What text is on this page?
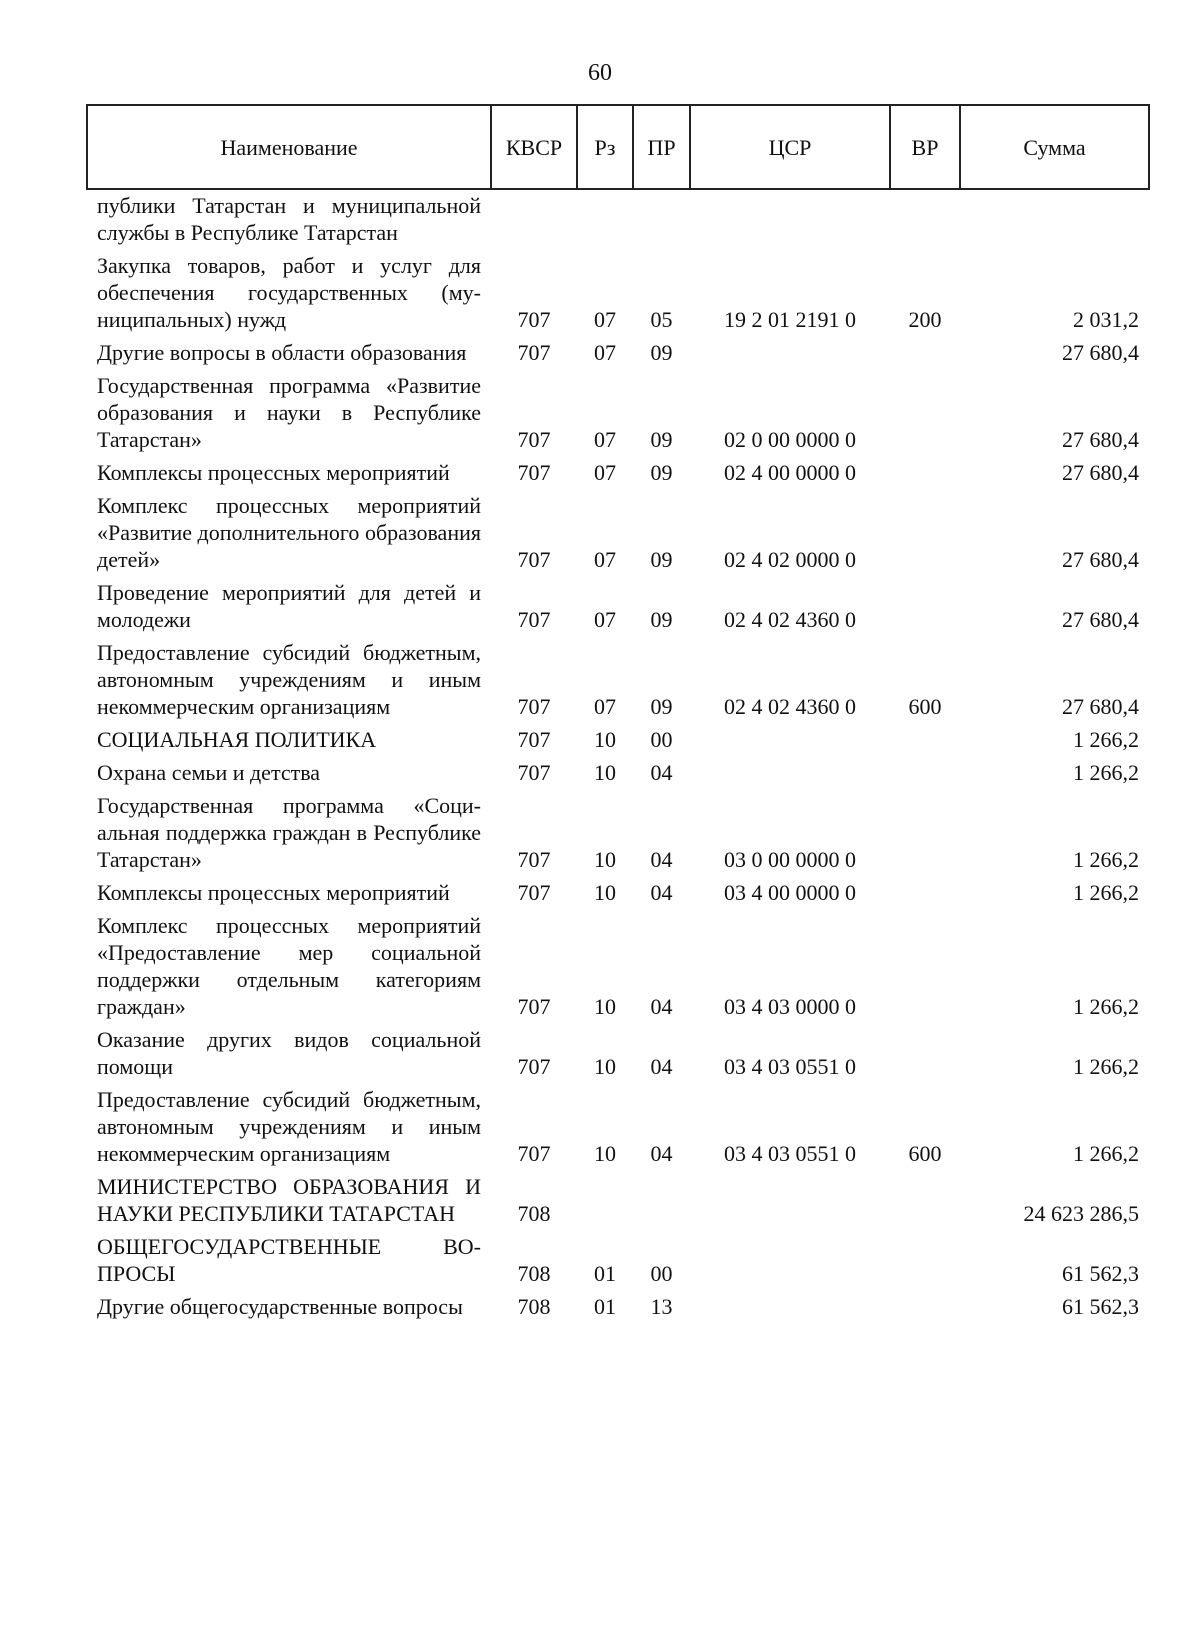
60
Наименование	КВСР	Рз	ПР	ЦСР	ВР	Сумма
публики Татарстан и муниципальной службы в Республике Татарстан						
Закупка товаров, работ и услуг для обеспечения государственных (муниципальных) нужд	707	07	05	19 2 01 2191 0	200	2 031,2
Другие вопросы в области образования	707	07	09			27 680,4
Государственная программа «Развитие образования и науки в Республике Татарстан»	707	07	09	02 0 00 0000 0		27 680,4
Комплексы процессных мероприятий	707	07	09	02 4 00 0000 0		27 680,4
Комплекс процессных мероприятий «Развитие дополнительного образования детей»	707	07	09	02 4 02 0000 0		27 680,4
Проведение мероприятий для детей и молодежи	707	07	09	02 4 02 4360 0		27 680,4
Предоставление субсидий бюджетным, автономным учреждениям и иным некоммерческим организациям	707	07	09	02 4 02 4360 0	600	27 680,4
СОЦИАЛЬНАЯ ПОЛИТИКА	707	10	00			1 266,2
Охрана семьи и детства	707	10	04			1 266,2
Государственная программа «Социальная поддержка граждан в Республике Татарстан»	707	10	04	03 0 00 0000 0		1 266,2
Комплексы процессных мероприятий	707	10	04	03 4 00 0000 0		1 266,2
Комплекс процессных мероприятий «Предоставление мер социальной поддержки отдельным категориям граждан»	707	10	04	03 4 03 0000 0		1 266,2
Оказание других видов социальной помощи	707	10	04	03 4 03 0551 0		1 266,2
Предоставление субсидий бюджетным, автономным учреждениям и иным некоммерческим организациям	707	10	04	03 4 03 0551 0	600	1 266,2
МИНИСТЕРСТВО ОБРАЗОВАНИЯ И НАУКИ РЕСПУБЛИКИ ТАТАРСТАН	708					24 623 286,5
ОБЩЕГОСУДАРСТВЕННЫЕ ВОПРОСЫ	708	01	00			61 562,3
Другие общегосударственные вопросы	708	01	13			61 562,3
